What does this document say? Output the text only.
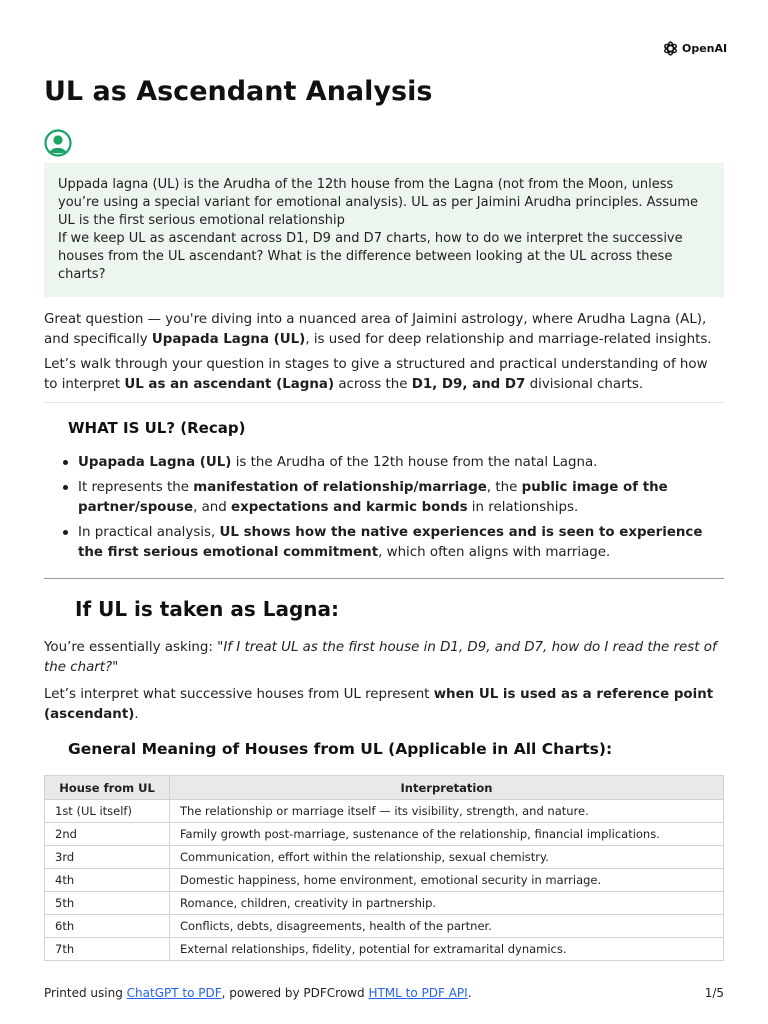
OpenAI
UL as Ascendant Analysis

Uppada lagna (UL) is the Arudha of the 12th house from the Lagna (not from the Moon, unless you’re using a special variant for emotional analysis). UL as per Jaimini Arudha principles. Assume UL is the first serious emotional relationship

If we keep UL as ascendant across D1, D9 and D7 charts, how to do we interpret the successive houses from the UL ascendant? What is the difference between looking at the UL across these charts?

Great question — you're diving into a nuanced area of Jaimini astrology, where Arudha Lagna (AL), and specifically Upapada Lagna (UL), is used for deep relationship and marriage-related insights.

Let’s walk through your question in stages to give a structured and practical understanding of how to interpret UL as an ascendant (Lagna) across the D1, D9, and D7 divisional charts.

WHAT IS UL? (Recap)
Upapada Lagna (UL) is the Arudha of the 12th house from the natal Lagna.
It represents the manifestation of relationship/marriage, the public image of the partner/spouse, and expectations and karmic bonds in relationships.
In practical analysis, UL shows how the native experiences and is seen to experience the first serious emotional commitment, which often aligns with marriage.
If UL is taken as Lagna:

You’re essentially asking: "If I treat UL as the first house in D1, D9, and D7, how do I read the rest of the chart?"

Let’s interpret what successive houses from UL represent when UL is used as a reference point (ascendant).

General Meaning of Houses from UL (Applicable in All Charts):
House from UL	Interpretation
1st (UL itself)	The relationship or marriage itself — its visibility, strength, and nature.
2nd	Family growth post-marriage, sustenance of the relationship, financial implications.
3rd	Communication, effort within the relationship, sexual chemistry.
4th	Domestic happiness, home environment, emotional security in marriage.
5th	Romance, children, creativity in partnership.
6th	Conflicts, debts, disagreements, health of the partner.
7th	External relationships, fidelity, potential for extramarital dynamics.
Printed using ChatGPT to PDF, powered by PDFCrowd HTML to PDF API.	1/5
